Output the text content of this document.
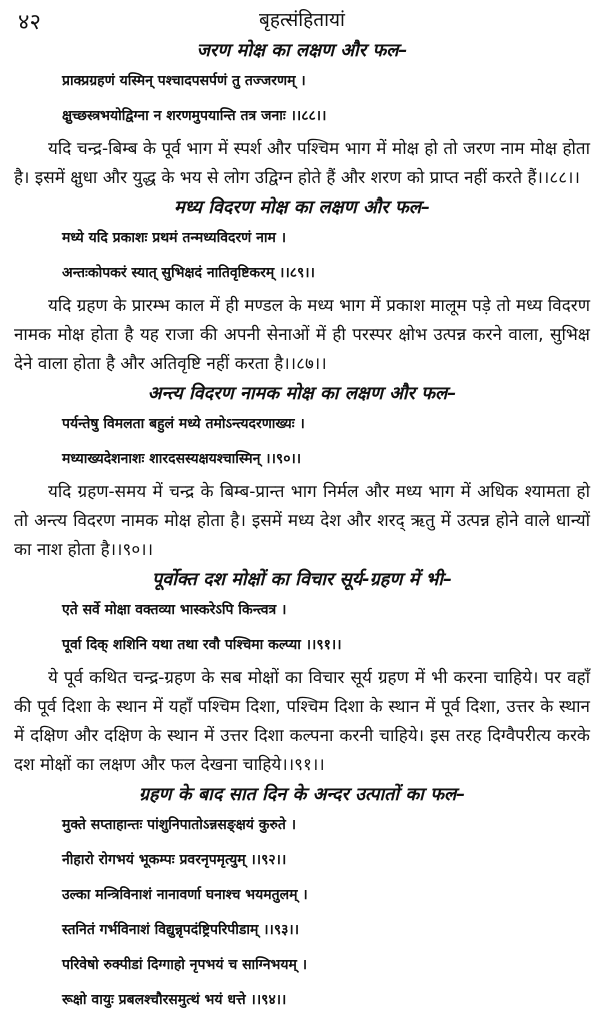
४२	बृहत्संहितायां
जरण मोक्ष का लक्षण और फल–
प्राक्प्रग्रहणं यस्मिन् पश्चादपसर्पणं तु तज्जरणम् ।
क्षुच्छस्त्रभयोद्विग्ना न शरणमुपयान्ति तत्र जनाः ।।८८।।

यदि चन्द्र-बिम्ब के पूर्व भाग में स्पर्श और पश्चिम भाग में मोक्ष हो तो जरण नाम मोक्ष होता है। इसमें क्षुधा और युद्ध के भय से लोग उद्विग्न होते हैं और शरण को प्राप्त नहीं करते हैं।।८८।।

मध्य विदरण मोक्ष का लक्षण और फल–
मध्ये यदि प्रकाशः प्रथमं तन्मध्यविदरणं नाम ।
अन्तःकोपकरं स्यात् सुभिक्षदं नातिवृष्टिकरम् ।।८९।।

यदि ग्रहण के प्रारम्भ काल में ही मण्डल के मध्य भाग में प्रकाश मालूम पड़े तो मध्य विदरण नामक मोक्ष होता है यह राजा की अपनी सेनाओं में ही परस्पर क्षोभ उत्पन्न करने वाला, सुभिक्ष देने वाला होता है और अतिवृष्टि नहीं करता है।।८७।।

अन्त्य विदरण नामक मोक्ष का लक्षण और फल–
पर्यन्तेषु विमलता बहुलं मध्ये तमोऽन्त्यदरणाख्यः ।
मध्याख्यदेशनाशः शारदसस्यक्षयश्चास्मिन् ।।९०।।

यदि ग्रहण-समय में चन्द्र के बिम्ब-प्रान्त भाग निर्मल और मध्य भाग में अधिक श्यामता हो तो अन्त्य विदरण नामक मोक्ष होता है। इसमें मध्य देश और शरद् ऋतु में उत्पन्न होने वाले धान्यों का नाश होता है।।९०।।

पूर्वोक्त दश मोक्षों का विचार सूर्य-ग्रहण में भी–
एते सर्वे मोक्षा वक्तव्या भास्करेऽपि किन्त्वत्र ।
पूर्वा दिक् शशिनि यथा तथा रवौ पश्चिमा कल्प्या ।।९१।।

ये पूर्व कथित चन्द्र-ग्रहण के सब मोक्षों का विचार सूर्य ग्रहण में भी करना चाहिये। पर वहाँ की पूर्व दिशा के स्थान में यहाँ पश्चिम दिशा, पश्चिम दिशा के स्थान में पूर्व दिशा, उत्तर के स्थान में दक्षिण और दक्षिण के स्थान में उत्तर दिशा कल्पना करनी चाहिये। इस तरह दिग्वैपरीत्य करके दश मोक्षों का लक्षण और फल देखना चाहिये।।९१।।

ग्रहण के बाद सात दिन के अन्दर उत्पातों का फल–
मुक्ते सप्ताहान्तः पांशुनिपातोऽन्नसङ्क्षयं कुरुते ।
नीहारो रोगभयं भूकम्पः प्रवरनृपमृत्युम् ।।९२।।
उल्का मन्त्रिविनाशं नानावर्णा घनाश्च भयमतुलम् ।
स्तनितं गर्भविनाशं विद्युन्नृपदंष्ट्रिपरिपीडाम् ।।९३।।
परिवेषो रुक्पीडां दिग्गाहो नृपभयं च साग्निभयम् ।
रूक्षो वायुः प्रबलश्चौरसमुत्थं भयं धत्ते ।।९४।।
